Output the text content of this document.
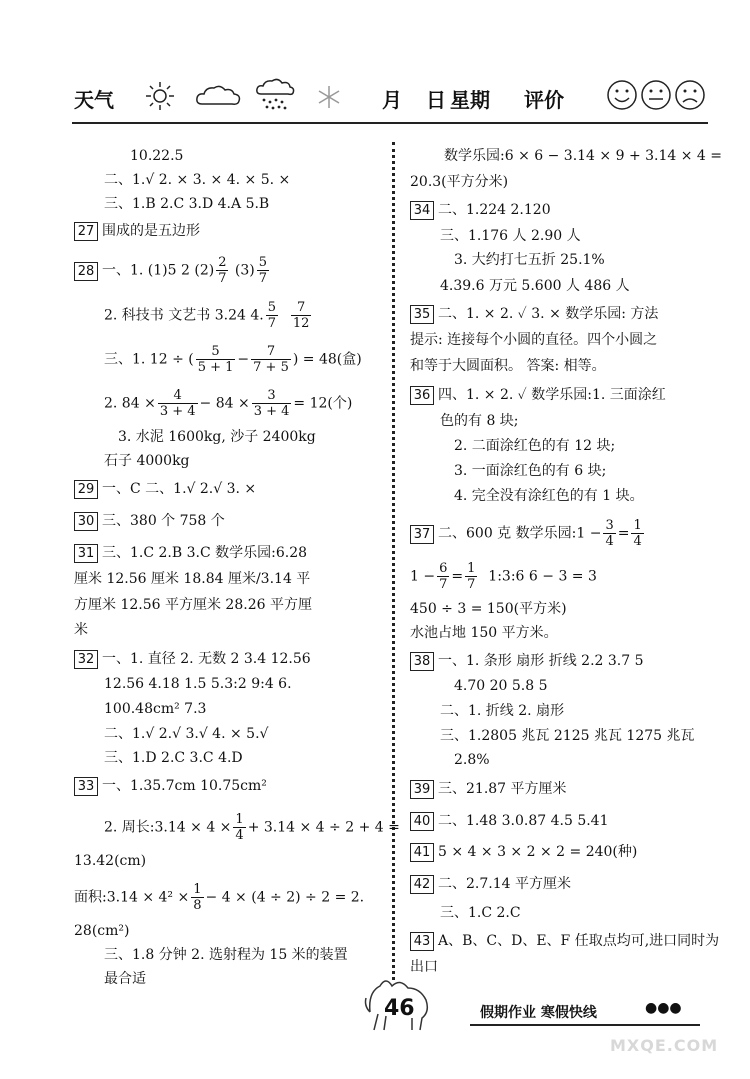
天气	月 日 星期 评价
10.22.5
二、1.√ 2. × 3. × 4. × 5. ×
三、1.B 2.C 3.D 4.A 5.B
27 围成的是五边形
28 一、1. (1)5 2 $(2) \frac{2}{7} (3) \frac{5}{7}$
2. 科技书 文艺书 3.24 4. $\frac{5}{7}$
$\frac{7}{12}$
三、1. 12 ÷ ( $\frac{5}{5 + 1} - \frac{7}{7 + 5}$ ) = 48(盒)
2. $84 \times \frac{4}{3 + 4} - 84 \times \frac{3}{3 + 4} = 12$(个)
3. 水泥 1600kg, 沙子 2400kg
石子 4000kg
29 一、C 二、1.√ 2.√ 3. ×
30 三、380 个 758 个
31 三、1.C 2.B 3.C 数学乐园:6.28
厘米 12.56 厘米 18.84 厘米/3.14 平
方厘米 12.56 平方厘米 28.26 平方厘
米
32 一、1. 直径 2. 无数 2 3.4 12.56
12.56 4.18 1.5 5.3:2 9:4 6.
100.48cm² 7.3
二、1.√ 2.√ 3.√ 4. × 5.√
三、1.D 2.C 3.C 4.D
33 一、1.35.7cm 10.75cm²
2. 周长:3.14 × $4 \times \frac{1}{4} + 3.14 \times 4 \div 2 + 4$ =
13.42(cm)
面积:3.14 × $4^2 \times \frac{1}{8} - 4 \times (4 \div 2) \div 2 = 2$.
28(cm²)
三、1.8 分钟 2. 选射程为 15 米的装置
最合适
数学乐园:6 × 6 − 3.14 × 9 + 3.14 × 4 =
20.3(平方分米)
34 二、1.224 2.120
三、1.176 人 2.90 人
3. 大约打七五折 25.1%
4.39.6 万元 5.600 人 486 人
35 二、1. × 2. ✓ 3. × 数学乐园: 方法
提示: 连接每个小圆的直径。四个小圆之
和等于大圆面积。 答案: 相等。
36 四、1. × 2. ✓ 数学乐园:1. 三面涂红
色的有 8 块;
2. 二面涂红色的有 12 块;
3. 一面涂红色的有 6 块;
4. 完全没有涂红色的有 1 块。
37 二、600 克 数学乐园:1 − $\frac{3}{4} = \frac{1}{4}$
$1 - \frac{6}{7} = \frac{1}{7}$ 1:3:6 6 − 3 = 3
450 ÷ 3 = 150(平方米)
水池占地 150 平方米。
38 一、1. 条形 扇形 折线 2.2 3.7 5
4.70 20 5.8 5
二、1. 折线 2. 扇形
三、1.2805 兆瓦 2125 兆瓦 1275 兆瓦
2.8%
39 三、21.87 平方厘米
40 二、1.48 3.0.87 4.5 5.41
41 5 × 4 × 3 × 2 × 2 = 240(种)
42 二、2.7.14 平方厘米
三、1.C 2.C
43 A、B、C、D、E、F 任取点均可,进口同时为
出口
46	假期作业 寒假快线	●●●
MXQE.COM
